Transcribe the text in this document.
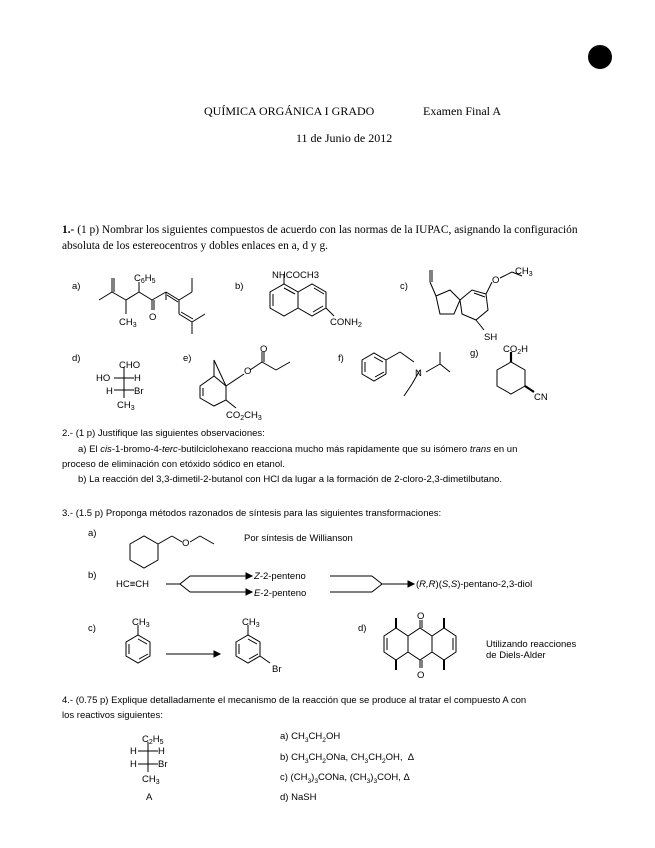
QUÍMICA ORGÁNICA I GRADO	Examen Final A
11 de Junio de 2012
1.- (1 p) Nombrar los siguientes compuestos de acuerdo con las normas de la IUPAC, asignando la configuración
absoluta de los estereocentros y dobles enlaces en a, d y g.
a)
$C_6H_5$
$CH_3$
O
b)
NHCOCH3
$CONH_2$
c)
O
$CH_3$
SH
d)
CHO
HO	H
H Br
$CH_3$
e)
O
O
$CO_2CH_3$
f)
N
g)	$CO_2H$
CN
2.- (1 p) Justifique las siguientes observaciones:
a) El cis-1-bromo-4-terc-butilciclohexano reacciona mucho más rapidamente que su isómero trans en un
proceso de eliminación con etóxido sódico en etanol.
b) La reacción del 3,3-dimetil-2-butanol con HCl da lugar a la formación de 2-cloro-2,3-dimetilbutano.
3.- (1.5 p) Proponga métodos razonados de síntesis para las siguientes transformaciones:
a)
O	Por síntesis de Willianson
b)
HC≡CH
Z-2-penteno
E-2-penteno
(R,R)(S,S)-pentano-2,3-diol
c)
$CH_3$	$CH_3$
Br
d)
O
O
Utilizando reacciones
de Diels-Alder
4.- (0.75 p) Explique detalladamente el mecanismo de la reacción que se produce al tratar el compuesto A con
los reactivos siguientes:
$C_2H_5$
H H
H Br
$CH_3$
A
a) $CH_3CH_2OH$
b) $CH_3CH_2ONa$, $CH_3CH_2OH$,  Δ
c) $(CH_3)_3CONa$, $(CH_3)_3COH$, Δ
d) NaSH
